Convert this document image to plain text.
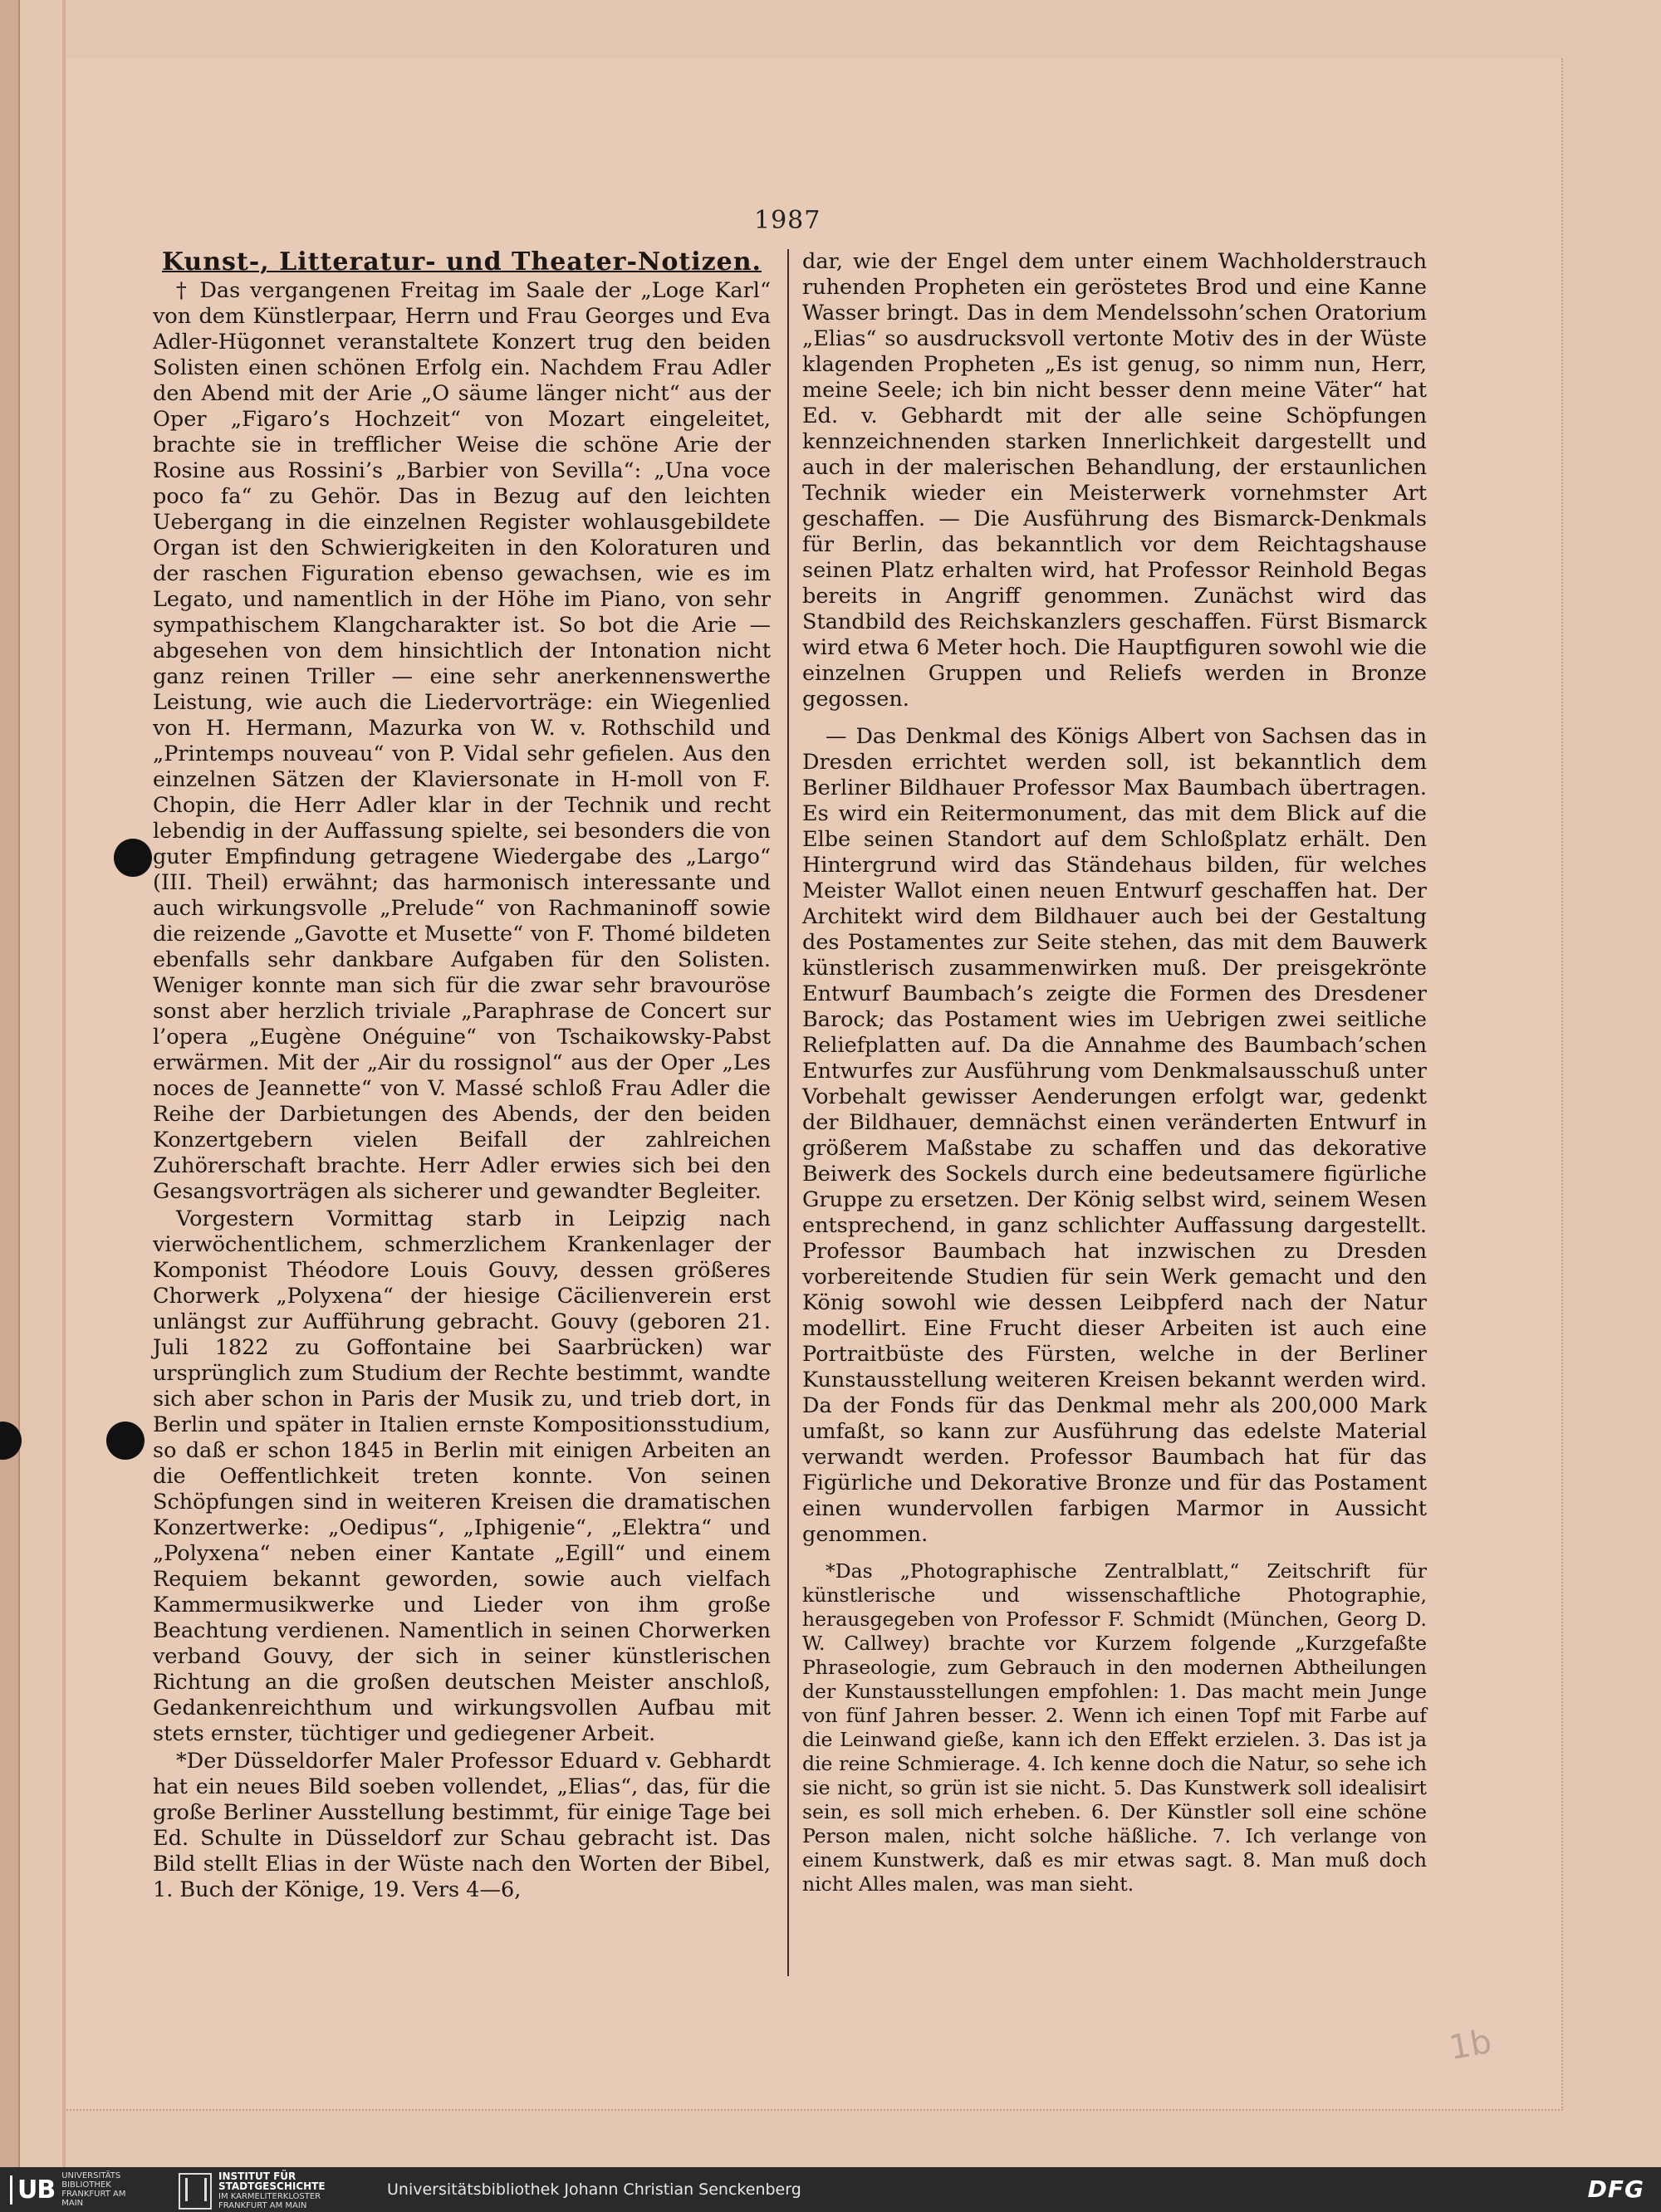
1987
Kunst-, Litteratur- und Theater-Notizen.

† Das vergangenen Freitag im Saale der „Loge Karl“ von dem Künstlerpaar, Herrn und Frau Georges und Eva Adler-Hügonnet veranstaltete Konzert trug den beiden Solisten einen schönen Erfolg ein. Nachdem Frau Adler den Abend mit der Arie „O säume länger nicht“ aus der Oper „Figaro’s Hochzeit“ von Mozart eingeleitet, brachte sie in trefflicher Weise die schöne Arie der Rosine aus Rossini’s „Barbier von Sevilla“: „Una voce poco fa“ zu Gehör. Das in Bezug auf den leichten Uebergang in die einzelnen Register wohlausgebildete Organ ist den Schwierigkeiten in den Koloraturen und der raschen Figuration ebenso gewachsen, wie es im Legato, und namentlich in der Höhe im Piano, von sehr sympathischem Klangcharakter ist. So bot die Arie — abgesehen von dem hinsichtlich der Intonation nicht ganz reinen Triller — eine sehr anerkennenswerthe Leistung, wie auch die Liedervorträge: ein Wiegenlied von H. Hermann, Mazurka von W. v. Rothschild und „Printemps nouveau“ von P. Vidal sehr gefielen. Aus den einzelnen Sätzen der Klaviersonate in H-moll von F. Chopin, die Herr Adler klar in der Technik und recht lebendig in der Auffassung spielte, sei besonders die von guter Empfindung getragene Wiedergabe des „Largo“ (III. Theil) erwähnt; das harmonisch interessante und auch wirkungsvolle „Prelude“ von Rachmaninoff sowie die reizende „Gavotte et Musette“ von F. Thomé bildeten ebenfalls sehr dankbare Aufgaben für den Solisten. Weniger konnte man sich für die zwar sehr bravouröse sonst aber herzlich triviale „Paraphrase de Concert sur l’opera „Eugène Onéguine“ von Tschaikowsky-Pabst erwärmen. Mit der „Air du rossignol“ aus der Oper „Les noces de Jeannette“ von V. Massé schloß Frau Adler die Reihe der Darbietungen des Abends, der den beiden Konzertgebern vielen Beifall der zahlreichen Zuhörerschaft brachte. Herr Adler erwies sich bei den Gesangsvorträgen als sicherer und gewandter Begleiter.

Vorgestern Vormittag starb in Leipzig nach vierwöchentlichem, schmerzlichem Krankenlager der Komponist Théodore Louis Gouvy, dessen größeres Chorwerk „Polyxena“ der hiesige Cäcilienverein erst unlängst zur Aufführung gebracht. Gouvy (geboren 21. Juli 1822 zu Goffontaine bei Saarbrücken) war ursprünglich zum Studium der Rechte bestimmt, wandte sich aber schon in Paris der Musik zu, und trieb dort, in Berlin und später in Italien ernste Kompositionsstudium, so daß er schon 1845 in Berlin mit einigen Arbeiten an die Oeffentlichkeit treten konnte. Von seinen Schöpfungen sind in weiteren Kreisen die dramatischen Konzertwerke: „Oedipus“, „Iphigenie“, „Elektra“ und „Polyxena“ neben einer Kantate „Egill“ und einem Requiem bekannt geworden, sowie auch vielfach Kammermusikwerke und Lieder von ihm große Beachtung verdienen. Namentlich in seinen Chorwerken verband Gouvy, der sich in seiner künstlerischen Richtung an die großen deutschen Meister anschloß, Gedankenreichthum und wirkungsvollen Aufbau mit stets ernster, tüchtiger und gediegener Arbeit.

*Der Düsseldorfer Maler Professor Eduard v. Gebhardt hat ein neues Bild soeben vollendet, „Elias“, das, für die große Berliner Ausstellung bestimmt, für einige Tage bei Ed. Schulte in Düsseldorf zur Schau gebracht ist. Das Bild stellt Elias in der Wüste nach den Worten der Bibel, 1. Buch der Könige, 19. Vers 4—6,

dar, wie der Engel dem unter einem Wachholderstrauch ruhenden Propheten ein geröstetes Brod und eine Kanne Wasser bringt. Das in dem Mendelssohn’schen Oratorium „Elias“ so ausdrucksvoll vertonte Motiv des in der Wüste klagenden Propheten „Es ist genug, so nimm nun, Herr, meine Seele; ich bin nicht besser denn meine Väter“ hat Ed. v. Gebhardt mit der alle seine Schöpfungen kennzeichnenden starken Innerlichkeit dargestellt und auch in der malerischen Behandlung, der erstaunlichen Technik wieder ein Meisterwerk vornehmster Art geschaffen. — Die Ausführung des Bismarck-Denkmals für Berlin, das bekanntlich vor dem Reichtagshause seinen Platz erhalten wird, hat Professor Reinhold Begas bereits in Angriff genommen. Zunächst wird das Standbild des Reichskanzlers geschaffen. Fürst Bismarck wird etwa 6 Meter hoch. Die Hauptfiguren sowohl wie die einzelnen Gruppen und Reliefs werden in Bronze gegossen.

— Das Denkmal des Königs Albert von Sachsen das in Dresden errichtet werden soll, ist bekanntlich dem Berliner Bildhauer Professor Max Baumbach übertragen. Es wird ein Reitermonument, das mit dem Blick auf die Elbe seinen Standort auf dem Schloßplatz erhält. Den Hintergrund wird das Ständehaus bilden, für welches Meister Wallot einen neuen Entwurf geschaffen hat. Der Architekt wird dem Bildhauer auch bei der Gestaltung des Postamentes zur Seite stehen, das mit dem Bauwerk künstlerisch zusammenwirken muß. Der preisgekrönte Entwurf Baumbach’s zeigte die Formen des Dresdener Barock; das Postament wies im Uebrigen zwei seitliche Reliefplatten auf. Da die Annahme des Baumbach’schen Entwurfes zur Ausführung vom Denkmalsausschuß unter Vorbehalt gewisser Aenderungen erfolgt war, gedenkt der Bildhauer, demnächst einen veränderten Entwurf in größerem Maßstabe zu schaffen und das dekorative Beiwerk des Sockels durch eine bedeutsamere figürliche Gruppe zu ersetzen. Der König selbst wird, seinem Wesen entsprechend, in ganz schlichter Auffassung dargestellt. Professor Baumbach hat inzwischen zu Dresden vorbereitende Studien für sein Werk gemacht und den König sowohl wie dessen Leibpferd nach der Natur modellirt. Eine Frucht dieser Arbeiten ist auch eine Portraitbüste des Fürsten, welche in der Berliner Kunstausstellung weiteren Kreisen bekannt werden wird. Da der Fonds für das Denkmal mehr als 200,000 Mark umfaßt, so kann zur Ausführung das edelste Material verwandt werden. Professor Baumbach hat für das Figürliche und Dekorative Bronze und für das Postament einen wundervollen farbigen Marmor in Aussicht genommen.

*Das „Photographische Zentralblatt,“ Zeitschrift für künstlerische und wissenschaftliche Photographie, herausgegeben von Professor F. Schmidt (München, Georg D. W. Callwey) brachte vor Kurzem folgende „Kurzgefaßte Phraseologie, zum Gebrauch in den modernen Abtheilungen der Kunstausstellungen empfohlen: 1. Das macht mein Junge von fünf Jahren besser. 2. Wenn ich einen Topf mit Farbe auf die Leinwand gieße, kann ich den Effekt erzielen. 3. Das ist ja die reine Schmierage. 4. Ich kenne doch die Natur, so sehe ich sie nicht, so grün ist sie nicht. 5. Das Kunstwerk soll idealisirt sein, es soll mich erheben. 6. Der Künstler soll eine schöne Person malen, nicht solche häßliche. 7. Ich verlange von einem Kunstwerk, daß es mir etwas sagt. 8. Man muß doch nicht Alles malen, was man sieht.

1b
UB UNIVERSITÄTS BIBLIOTHEK FRANKFURT AM MAIN
INSTITUT FÜR STADTGESCHICHTE
IM KARMELITERKLOSTER FRANKFURT AM MAIN
Universitätsbibliothek Johann Christian Senckenberg	DFG
